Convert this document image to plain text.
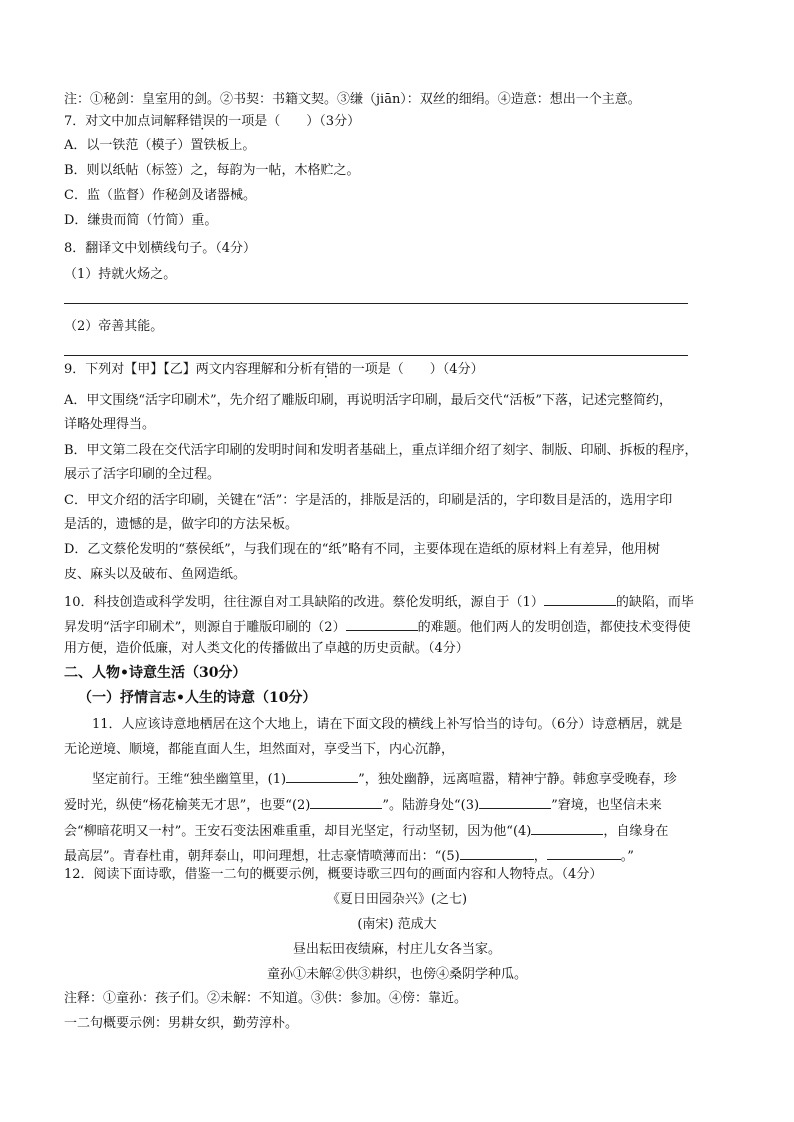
注：①秘剑：皇室用的剑。②书契：书籍文契。③缣（jiān）：双丝的细绢。④造意：想出一个主意。
7．对文中加点词解释错误的一项是（　　）（3分）
A．以一铁范（模子）置铁板上。
B．则以纸帖（标签）之，每韵为一帖，木格贮之。
C．监（监督）作秘剑及诸器械。
D．缣贵而简（竹简）重。
8．翻译文中划横线句子。（4分）
（1）持就火炀之。
（2）帝善其能。
9．下列对【甲】【乙】两文内容理解和分析有错的一项是（　　）（4分）
A．甲文围绕“活字印刷术”，先介绍了雕版印刷，再说明活字印刷，最后交代“活板”下落，记述完整简约，
详略处理得当。
B．甲文第二段在交代活字印刷的发明时间和发明者基础上，重点详细介绍了刻字、制版、印刷、拆板的程序，
展示了活字印刷的全过程。
C．甲文介绍的活字印刷，关键在“活”：字是活的，排版是活的，印刷是活的，字印数目是活的，选用字印
是活的，遗憾的是，做字印的方法呆板。
D．乙文蔡伦发明的“蔡侯纸”，与我们现在的“纸”略有不同，主要体现在造纸的原材料上有差异，他用树
皮、麻头以及破布、鱼网造纸。
10．科技创造或科学发明，往往源自对工具缺陷的改进。蔡伦发明纸，源自于（1）	的缺陷，而毕
昇发明“活字印刷术”，则源自于雕版印刷的（2）	的难题。他们两人的发明创造，都使技术变得使
用方便，造价低廉，对人类文化的传播做出了卓越的历史贡献。（4分）
二、人物•诗意生活（30分）
（一）抒情言志•人生的诗意（10分）
11．人应该诗意地栖居在这个大地上，请在下面文段的横线上补写恰当的诗句。（6分）诗意栖居，就是
无论逆境、顺境，都能直面人生，坦然面对，享受当下，内心沉静，
坚定前行。王维“独坐幽篁里，(1)	”，独处幽静，远离喧嚣，精神宁静。韩愈享受晚春，珍
爱时光，纵使“杨花榆荚无才思”，也要“(2)	”。陆游身处“(3)	”窘境，也坚信未来
会“柳暗花明又一村”。王安石变法困难重重，却目光坚定，行动坚韧，因为他“(4)	，自缘身在
最高层”。青春杜甫，朝拜泰山，叩问理想，壮志豪情喷薄而出：“(5)	，	。”
12．阅读下面诗歌，借鉴一二句的概要示例，概要诗歌三四句的画面内容和人物特点。（4分）
《夏日田园杂兴》(之七)
(南宋) 范成大
昼出耘田夜绩麻，村庄儿女各当家。
童孙①未解②供③耕织，也傍④桑阴学种瓜。
注释：①童孙：孩子们。②未解：不知道。③供：参加。④傍：靠近。
一二句概要示例：男耕女织，勤劳淳朴。
